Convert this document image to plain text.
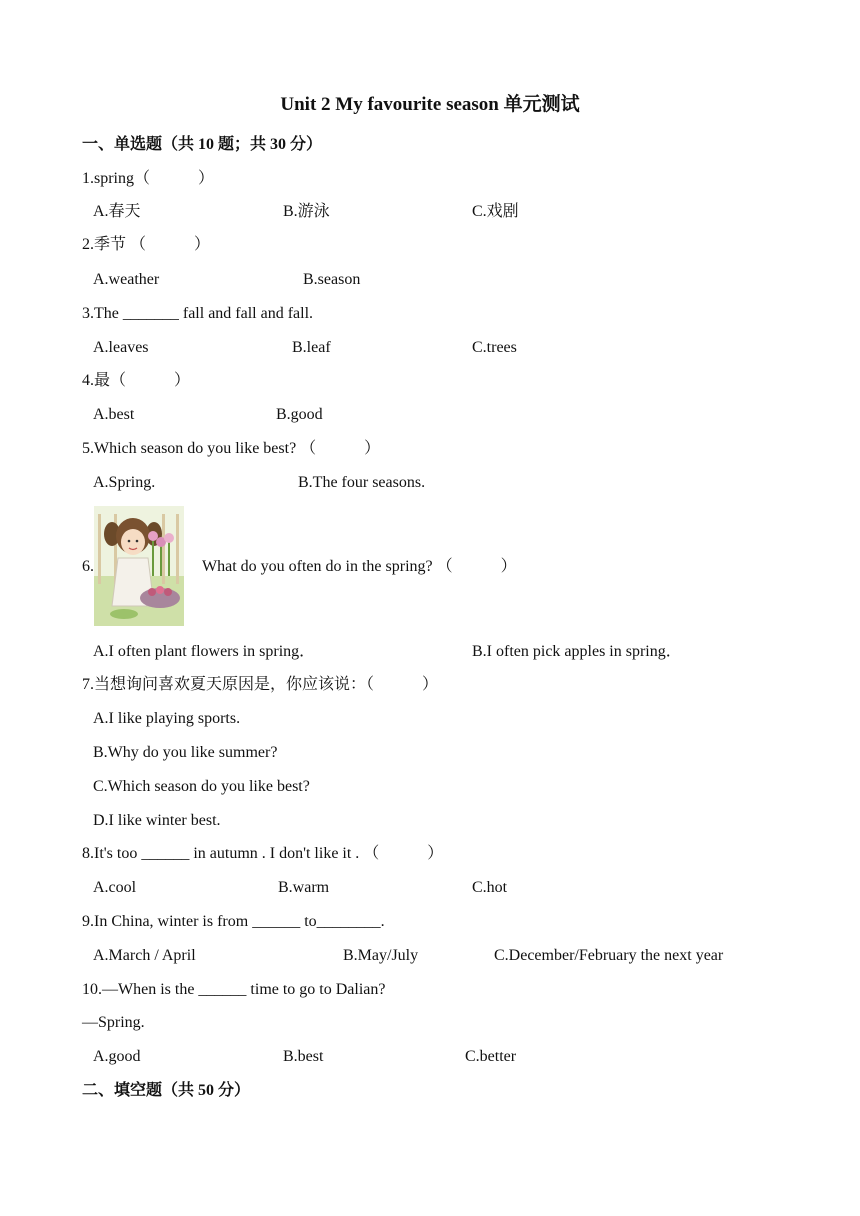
Unit 2 My favourite season 单元测试
一、单选题（共 10 题；共 30 分）
1.spring（　　　）
A.春天	B.游泳	C.戏剧
2.季节 （　　　）
A.weather	B.season
3.The _______ fall and fall and fall.
A.leaves	B.leaf	C.trees
4.最（　　　）
A.best	B.good
5.Which season do you like best? （　　　）
A.Spring.	B.The four seasons.
6.	What do you often do in the spring? （　　　）
A.I often plant flowers in spring．	B.I often pick apples in spring．
7.当想询问喜欢夏天原因是，你应该说：（　　　）
A.I like playing sports.
B.Why do you like summer?
C.Which season do you like best?
D.I like winter best.
8.It's too ______ in autumn . I don't like it . （　　　）
A.cool	B.warm	C.hot
9.In China, winter is from ______ to________.
A.March / April	B.May/July	C.December/February the next year
10.—When is the ______ time to go to Dalian?
—Spring.
A.good	B.best	C.better
二、填空题（共 50 分）
